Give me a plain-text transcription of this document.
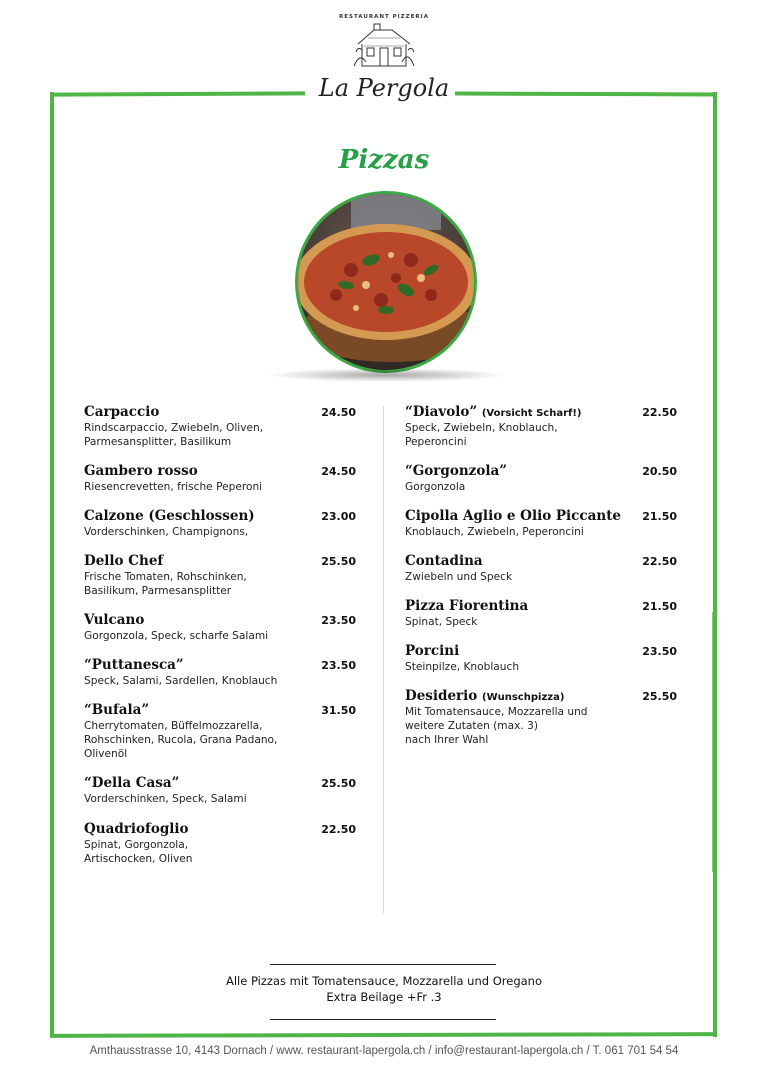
RESTAURANT PIZZERIA
La Pergola
Pizzas
Carpaccio	24.50
Rindscarpaccio, Zwiebeln, Oliven,
Parmesansplitter, Basilikum
Gambero rosso	24.50
Riesencrevetten, frische Peperoni
Calzone (Geschlossen)	23.00
Vorderschinken, Champignons,
Dello Chef	25.50
Frische Tomaten, Rohschinken,
Basilikum, Parmesansplitter
Vulcano	23.50
Gorgonzola, Speck, scharfe Salami
“Puttanesca”	23.50
Speck, Salami, Sardellen, Knoblauch
“Bufala”	31.50
Cherrytomaten, Büffelmozzarella,
Rohschinken, Rucola, Grana Padano,
Olivenöl
“Della Casa”	25.50
Vorderschinken, Speck, Salami
Quadriofoglio	22.50
Spinat, Gorgonzola,
Artischocken, Oliven
“Diavolo” (Vorsicht Scharf!)	22.50
Speck, Zwiebeln, Knoblauch,
Peperoncini
“Gorgonzola”	20.50
Gorgonzola
Cipolla Aglio e Olio Piccante 21.50
Knoblauch, Zwiebeln, Peperoncini
Contadina	22.50
Zwiebeln und Speck
Pizza Fiorentina	21.50
Spinat, Speck
Porcini	23.50
Steinpilze, Knoblauch
Desiderio (Wunschpizza)	25.50
Mit Tomatensauce, Mozzarella und
weitere Zutaten (max. 3)
nach Ihrer Wahl
Alle Pizzas mit Tomatensauce, Mozzarella und Oregano
Extra Beilage +Fr .3
Amthausstrasse 10, 4143 Dornach / www. restaurant-lapergola.ch / info@restaurant-lapergola.ch / T. 061 701 54 54
